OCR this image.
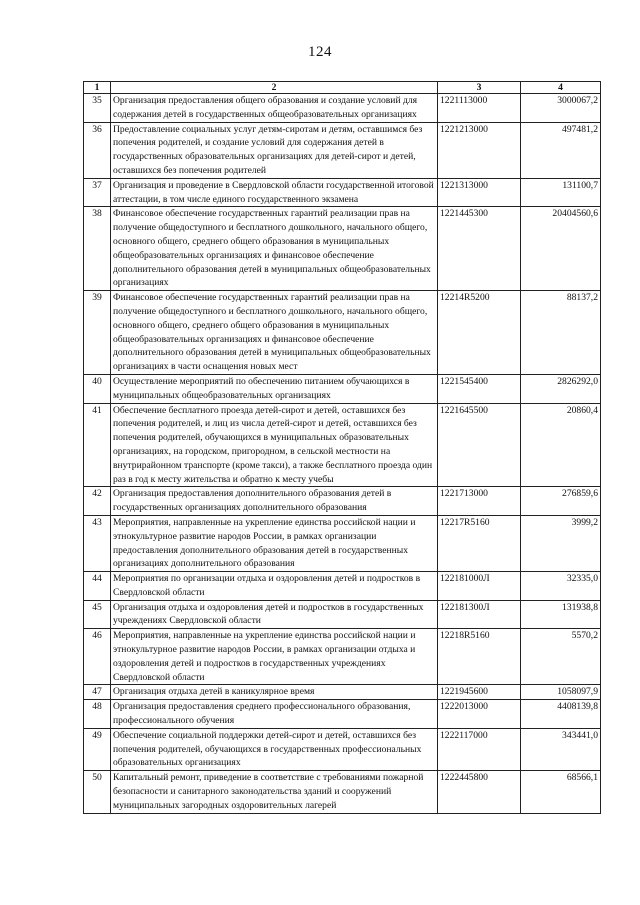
124
1	2	3	4
35	Организация предоставления общего образования и создание условий для содержания детей в государственных общеобразовательных организациях	1221113000	3000067,2
36	Предоставление социальных услуг детям-сиротам и детям, оставшимся без попечения родителей, и создание условий для содержания детей в государственных образовательных организациях для детей-сирот и детей, оставшихся без попечения родителей	1221213000	497481,2
37	Организация и проведение в Свердловской области государственной итоговой аттестации, в том числе единого государственного экзамена	1221313000	131100,7
38	Финансовое обеспечение государственных гарантий реализации прав на получение общедоступного и бесплатного дошкольного, начального общего, основного общего, среднего общего образования в муниципальных общеобразовательных организациях и финансовое обеспечение дополнительного образования детей в муниципальных общеобразовательных организациях	1221445300	20404560,6
39	Финансовое обеспечение государственных гарантий реализации прав на получение общедоступного и бесплатного дошкольного, начального общего, основного общего, среднего общего образования в муниципальных общеобразовательных организациях и финансовое обеспечение дополнительного образования детей в муниципальных общеобразовательных организациях в части оснащения новых мест	12214R5200	88137,2
40	Осуществление мероприятий по обеспечению питанием обучающихся в муниципальных общеобразовательных организациях	1221545400	2826292,0
41	Обеспечение бесплатного проезда детей-сирот и детей, оставшихся без попечения родителей, и лиц из числа детей-сирот и детей, оставшихся без попечения родителей, обучающихся в муниципальных образовательных организациях, на городском, пригородном, в сельской местности на внутрирайонном транспорте (кроме такси), а также бесплатного проезда один раз в год к месту жительства и обратно к месту учебы	1221645500	20860,4
42	Организация предоставления дополнительного образования детей в государственных организациях дополнительного образования	1221713000	276859,6
43	Мероприятия, направленные на укрепление единства российской нации и этнокультурное развитие народов России, в рамках организации предоставления дополнительного образования детей в государственных организациях дополнительного образования	12217R5160	3999,2
44	Мероприятия по организации отдыха и оздоровления детей и подростков в Свердловской области	122181000Л	32335,0
45	Организация отдыха и оздоровления детей и подростков в государственных учреждениях Свердловской области	122181300Л	131938,8
46	Мероприятия, направленные на укрепление единства российской нации и этнокультурное развитие народов России, в рамках организации отдыха и оздоровления детей и подростков в государственных учреждениях Свердловской области	12218R5160	5570,2
47	Организация отдыха детей в каникулярное время	1221945600	1058097,9
48	Организация предоставления среднего профессионального образования, профессионального обучения	1222013000	4408139,8
49	Обеспечение социальной поддержки детей-сирот и детей, оставшихся без попечения родителей, обучающихся в государственных профессиональных образовательных организациях	1222117000	343441,0
50	Капитальный ремонт, приведение в соответствие с требованиями пожарной безопасности и санитарного законодательства зданий и сооружений муниципальных загородных оздоровительных лагерей	1222445800	68566,1
